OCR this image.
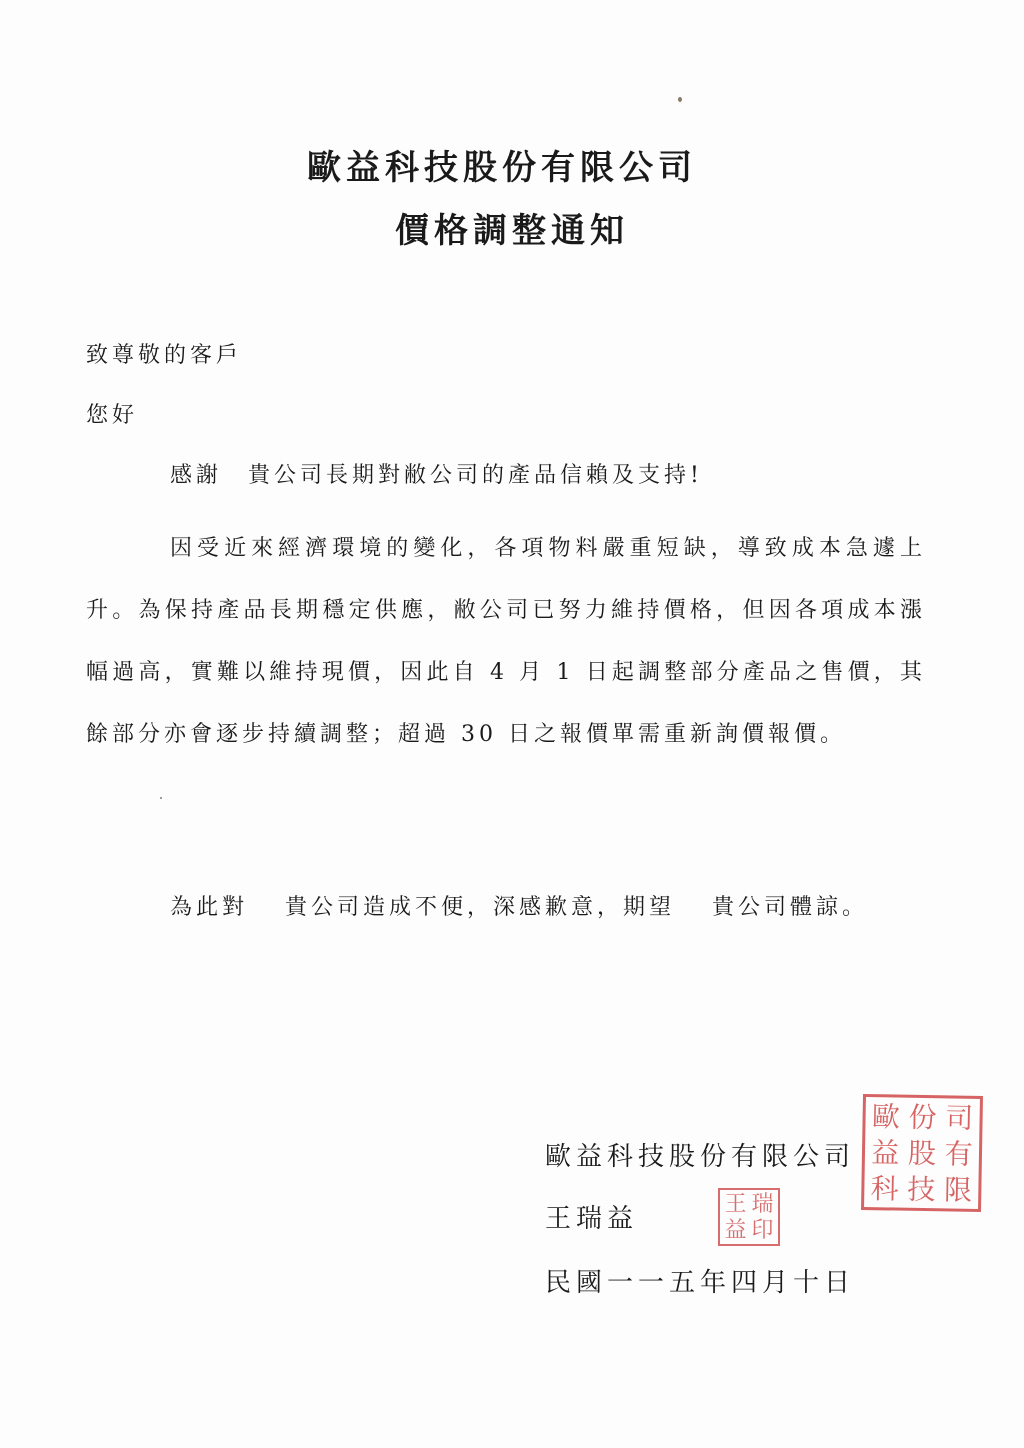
歐益科技股份有限公司
價格調整通知
致尊敬的客戶
您好
感謝　貴公司長期對敝公司的產品信賴及支持!
因受近來經濟環境的變化，各項物料嚴重短缺，導致成本急遽上升。為保持產品長期穩定供應，敝公司已努力維持價格，但因各項成本漲幅過高，實難以維持現價，因此自 4 月 1 日起調整部分產品之售價，其餘部分亦會逐步持續調整；超過 30 日之報價單需重新詢價報價。
為此對　 貴公司造成不便，深感歉意，期望　 貴公司體諒。
歐益科技股份有限公司
王瑞益
民國一一五年四月十日
歐 份 司
益 股 有
科 技 限
王 瑞
益 印
